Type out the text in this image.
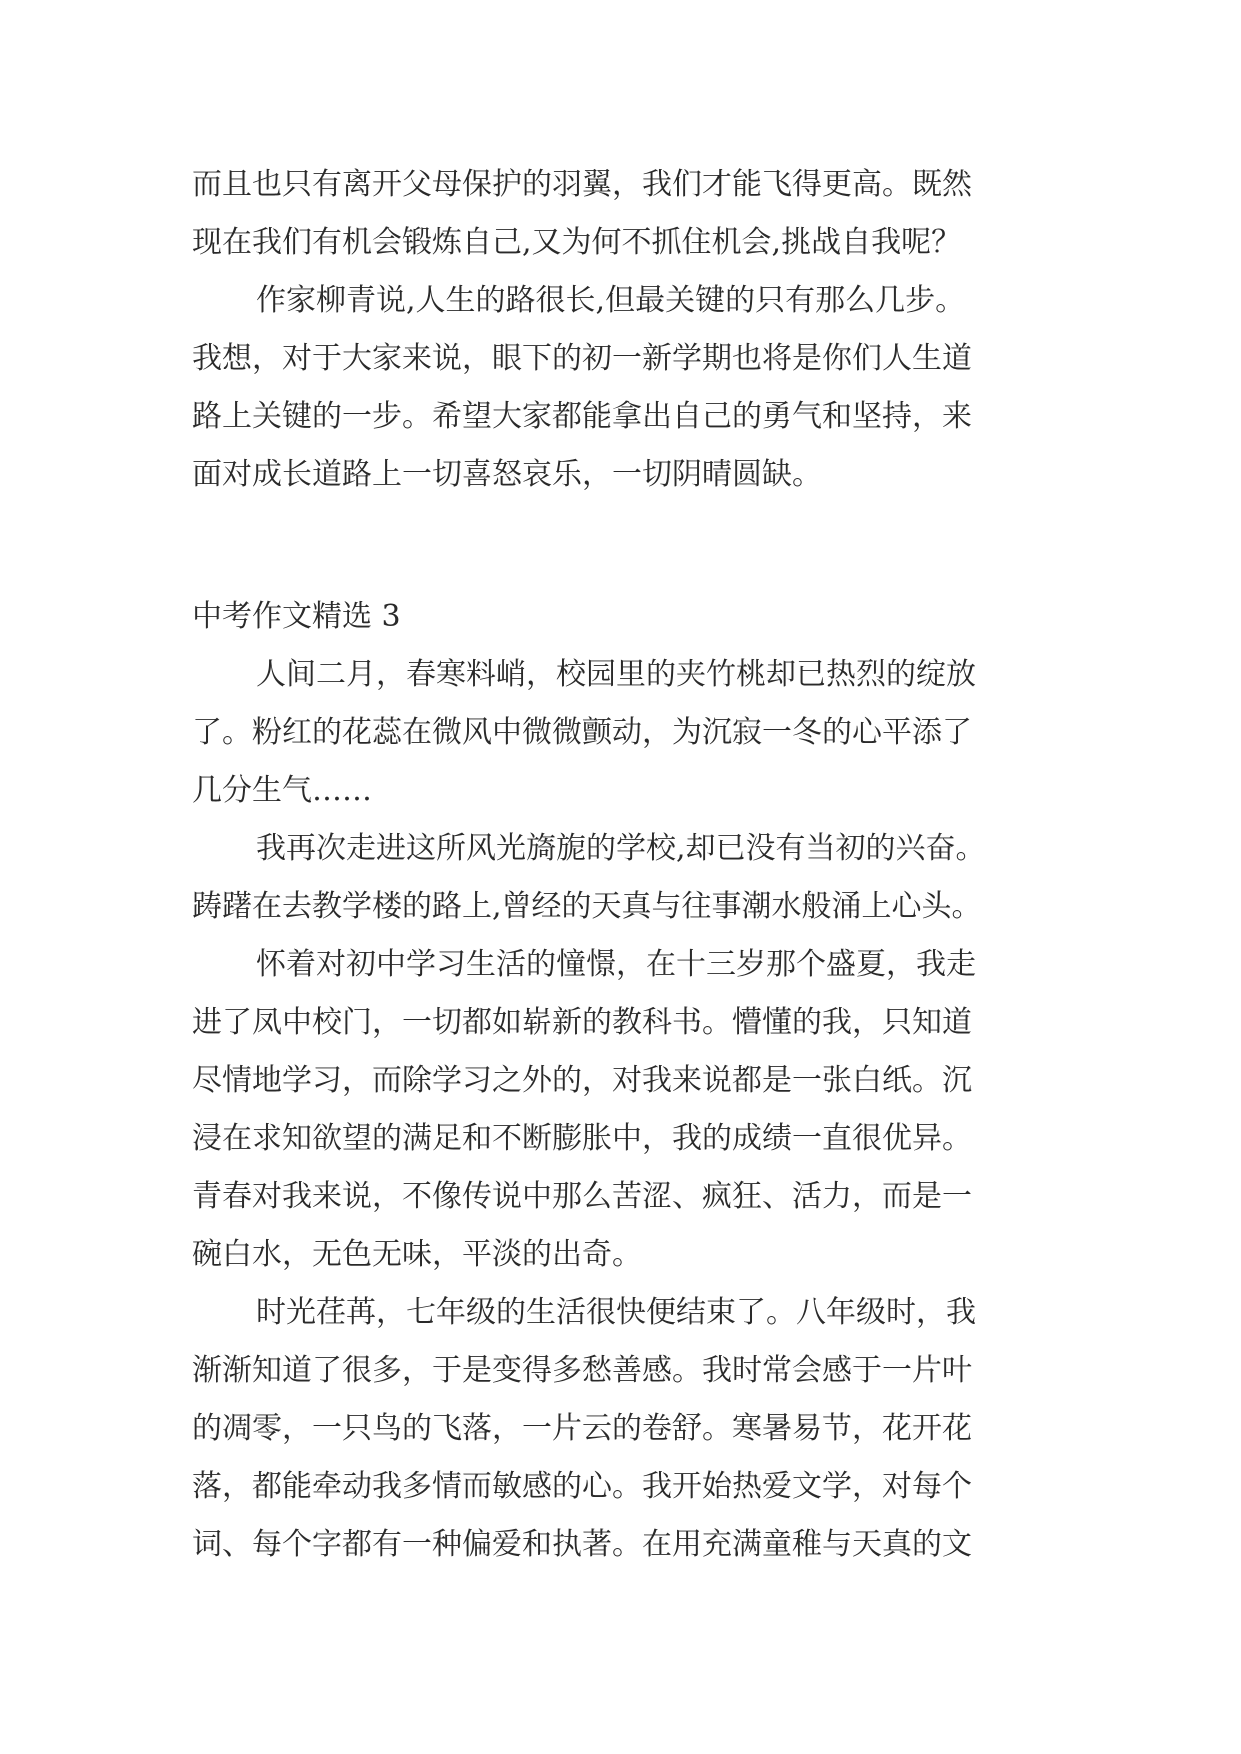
而且也只有离开父母保护的羽翼，我们才能飞得更高。既然
现在我们有机会锻炼自己,又为何不抓住机会,挑战自我呢？
作家柳青说,人生的路很长,但最关键的只有那么几步。
我想，对于大家来说，眼下的初一新学期也将是你们人生道
路上关键的一步。希望大家都能拿出自己的勇气和坚持，来
面对成长道路上一切喜怒哀乐，一切阴晴圆缺。
中考作文精选 3
人间二月，春寒料峭，校园里的夹竹桃却已热烈的绽放
了。粉红的花蕊在微风中微微颤动，为沉寂一冬的心平添了
几分生气……
我再次走进这所风光旖旎的学校,却已没有当初的兴奋。
踌躇在去教学楼的路上,曾经的天真与往事潮水般涌上心头。
怀着对初中学习生活的憧憬，在十三岁那个盛夏，我走
进了凤中校门，一切都如崭新的教科书。懵懂的我，只知道
尽情地学习，而除学习之外的，对我来说都是一张白纸。沉
浸在求知欲望的满足和不断膨胀中，我的成绩一直很优异。
青春对我来说，不像传说中那么苦涩、疯狂、活力，而是一
碗白水，无色无味，平淡的出奇。
时光荏苒，七年级的生活很快便结束了。八年级时，我
渐渐知道了很多，于是变得多愁善感。我时常会感于一片叶
的凋零，一只鸟的飞落，一片云的卷舒。寒暑易节，花开花
落，都能牵动我多情而敏感的心。我开始热爱文学，对每个
词、每个字都有一种偏爱和执著。在用充满童稚与天真的文
